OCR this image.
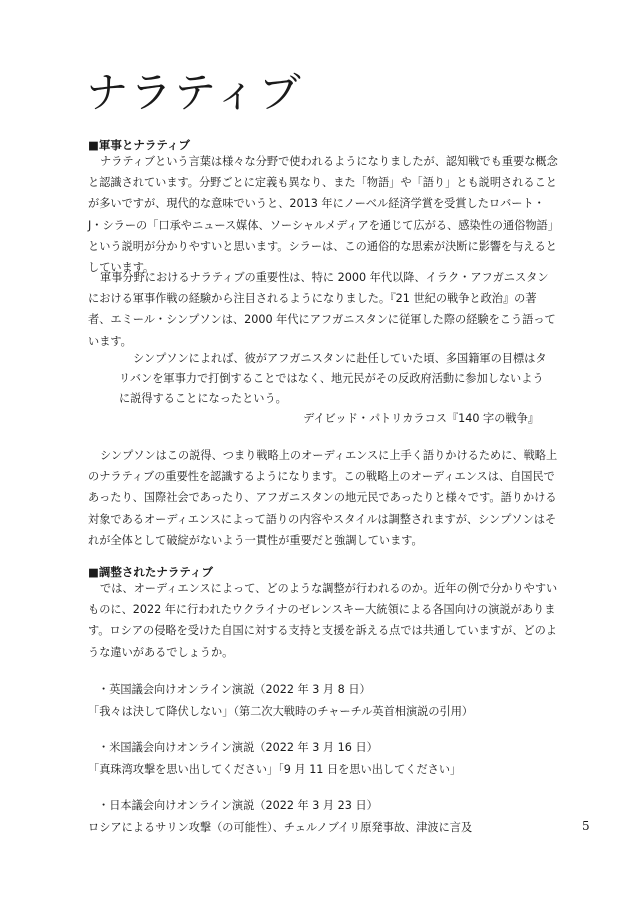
ナラティブ
■軍事とナラティブ

ナラティブという言葉は様々な分野で使われるようになりましたが、認知戦でも重要な概念と認識されています。分野ごとに定義も異なり、また「物語」や「語り」とも説明されることが多いですが、現代的な意味でいうと、2013 年にノーベル経済学賞を受賞したロバート・J・シラーの「口承やニュース媒体、ソーシャルメディアを通じて広がる、感染性の通俗物語」という説明が分かりやすいと思います。シラーは、この通俗的な思索が決断に影響を与えるとしています。

軍事分野におけるナラティブの重要性は、特に 2000 年代以降、イラク・アフガニスタンにおける軍事作戦の経験から注目されるようになりました。『21 世紀の戦争と政治』の著者、エミール・シンプソンは、2000 年代にアフガニスタンに従軍した際の経験をこう語っています。

シンプソンによれば、彼がアフガニスタンに赴任していた頃、多国籍軍の目標はタリバンを軍事力で打倒することではなく、地元民がその反政府活動に参加しないように説得することになったという。
デイビッド・パトリカラコス『140 字の戦争』

シンプソンはこの説得、つまり戦略上のオーディエンスに上手く語りかけるために、戦略上のナラティブの重要性を認識するようになります。この戦略上のオーディエンスは、自国民であったり、国際社会であったり、アフガニスタンの地元民であったりと様々です。語りかける対象であるオーディエンスによって語りの内容やスタイルは調整されますが、シンプソンはそれが全体として破綻がないよう一貫性が重要だと強調しています。

■調整されたナラティブ

では、オーディエンスによって、どのような調整が行われるのか。近年の例で分かりやすいものに、2022 年に行われたウクライナのゼレンスキー大統領による各国向けの演説があります。ロシアの侵略を受けた自国に対する支持と支援を訴える点では共通していますが、どのような違いがあるでしょうか。

・英国議会向けオンライン演説（2022 年 3 月 8 日）
「我々は決して降伏しない」（第二次大戦時のチャーチル英首相演説の引用）
・米国議会向けオンライン演説（2022 年 3 月 16 日）
「真珠湾攻撃を思い出してください」「9 月 11 日を思い出してください」
・日本議会向けオンライン演説（2022 年 3 月 23 日）
ロシアによるサリン攻撃（の可能性）、チェルノブイリ原発事故、津波に言及	5
